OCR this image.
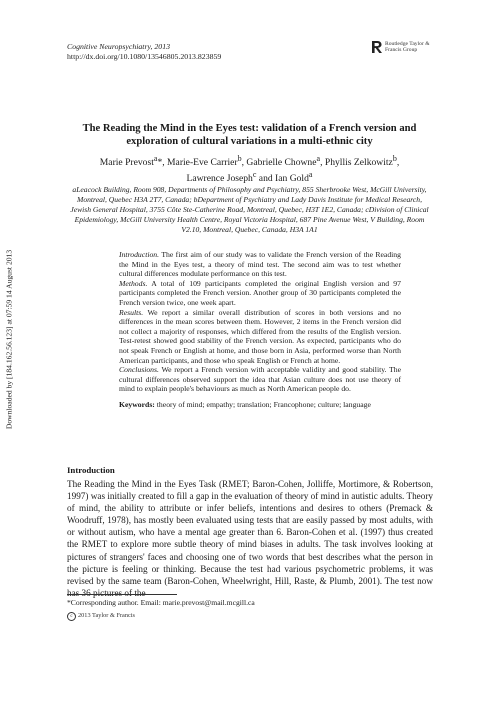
Downloaded by [184.162.56.123] at 07:59 14 August 2013
Cognitive Neuropsychiatry, 2013
http://dx.doi.org/10.1080/13546805.2013.823859
Routledge Taylor & Francis Group
The Reading the Mind in the Eyes test: validation of a French version and exploration of cultural variations in a multi-ethnic city
Marie Prevost$^a$*, Marie-Eve Carrier$^b$, Gabrielle Chowne$^a$, Phyllis Zelkowitz$^b$,
Lawrence Joseph$^c$ and Ian Gold$^a$
aLeacock Building, Room 908, Departments of Philosophy and Psychiatry, 855 Sherbrooke West, McGill University, Montreal, Quebec H3A 2T7, Canada; bDepartment of Psychiatry and Lady Davis Institute for Medical Research, Jewish General Hospital, 3755 Côte Ste-Catherine Road, Montreal, Quebec, H3T 1E2, Canada; cDivision of Clinical Epidemiology, McGill University Health Centre, Royal Victoria Hospital, 687 Pine Avenue West, V Building, Room V2.10, Montreal, Quebec, Canada, H3A 1A1

Introduction. The first aim of our study was to validate the French version of the Reading the Mind in the Eyes test, a theory of mind test. The second aim was to test whether cultural differences modulate performance on this test.

Methods. A total of 109 participants completed the original English version and 97 participants completed the French version. Another group of 30 participants completed the French version twice, one week apart.

Results. We report a similar overall distribution of scores in both versions and no differences in the mean scores between them. However, 2 items in the French version did not collect a majority of responses, which differed from the results of the English version. Test-retest showed good stability of the French version. As expected, participants who do not speak French or English at home, and those born in Asia, performed worse than North American participants, and those who speak English or French at home.

Conclusions. We report a French version with acceptable validity and good stability. The cultural differences observed support the idea that Asian culture does not use theory of mind to explain people's behaviours as much as North American people do.

Keywords: theory of mind; empathy; translation; Francophone; culture; language

Introduction

The Reading the Mind in the Eyes Task (RMET; Baron-Cohen, Jolliffe, Mortimore, & Robertson, 1997) was initially created to fill a gap in the evaluation of theory of mind in autistic adults. Theory of mind, the ability to attribute or infer beliefs, intentions and desires to others (Premack & Woodruff, 1978), has mostly been evaluated using tests that are easily passed by most adults, with or without autism, who have a mental age greater than 6. Baron-Cohen et al. (1997) thus created the RMET to explore more subtle theory of mind biases in adults. The task involves looking at pictures of strangers' faces and choosing one of two words that best describes what the person in the picture is feeling or thinking. Because the test had various psychometric problems, it was revised by the same team (Baron-Cohen, Wheelwright, Hill, Raste, & Plumb, 2001). The test now has 36 pictures of the

*Corresponding author. Email: marie.prevost@mail.mcgill.ca
c 2013 Taylor & Francis
